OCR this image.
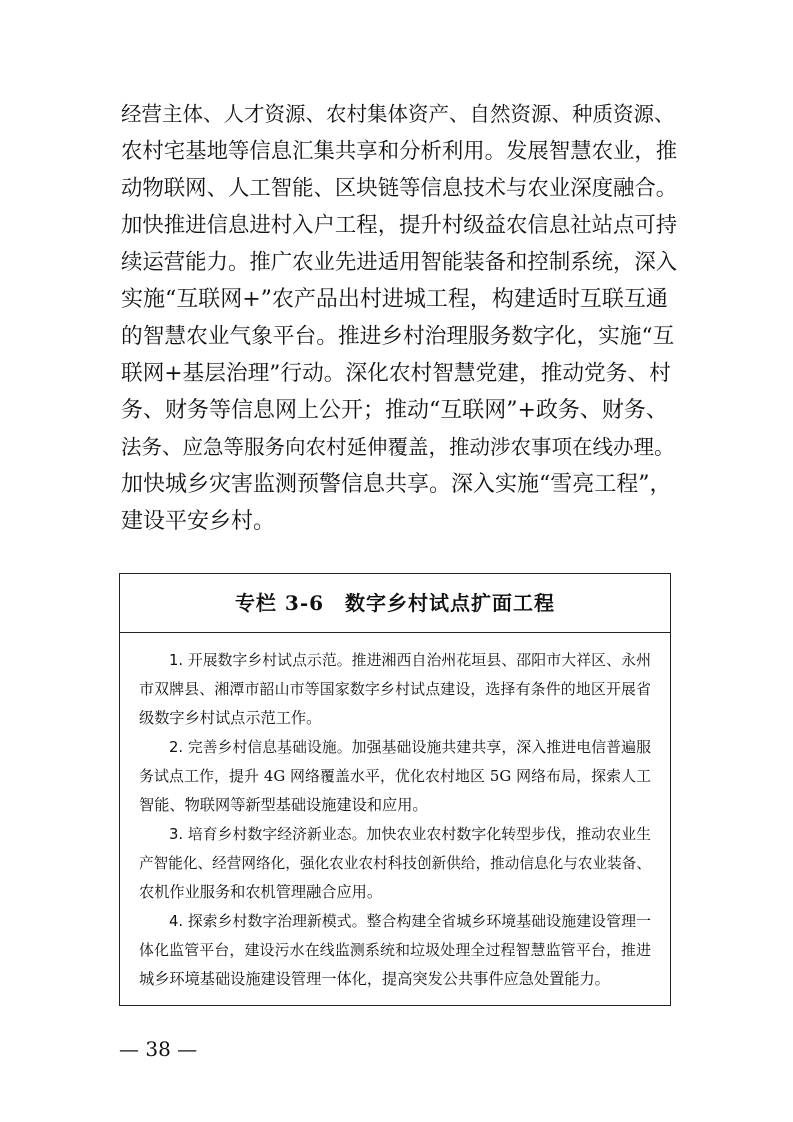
经营主体、人才资源、农村集体资产、自然资源、种质资源、
农村宅基地等信息汇集共享和分析利用。发展智慧农业，推
动物联网、人工智能、区块链等信息技术与农业深度融合。
加快推进信息进村入户工程，提升村级益农信息社站点可持
续运营能力。推广农业先进适用智能装备和控制系统，深入
实施“互联网+”农产品出村进城工程，构建适时互联互通
的智慧农业气象平台。推进乡村治理服务数字化，实施“互
联网+基层治理”行动。深化农村智慧党建，推动党务、村
务、财务等信息网上公开；推动“互联网”+政务、财务、
法务、应急等服务向农村延伸覆盖，推动涉农事项在线办理。
加快城乡灾害监测预警信息共享。深入实施“雪亮工程”，
建设平安乡村。
专栏 3-6　数字乡村试点扩面工程
1. 开展数字乡村试点示范。推进湘西自治州花垣县、邵阳市大祥区、永州
市双牌县、湘潭市韶山市等国家数字乡村试点建设，选择有条件的地区开展省
级数字乡村试点示范工作。
2. 完善乡村信息基础设施。加强基础设施共建共享，深入推进电信普遍服
务试点工作，提升 4G 网络覆盖水平，优化农村地区 5G 网络布局，探索人工
智能、物联网等新型基础设施建设和应用。
3. 培育乡村数字经济新业态。加快农业农村数字化转型步伐，推动农业生
产智能化、经营网络化，强化农业农村科技创新供给，推动信息化与农业装备、
农机作业服务和农机管理融合应用。
4. 探索乡村数字治理新模式。整合构建全省城乡环境基础设施建设管理一
体化监管平台，建设污水在线监测系统和垃圾处理全过程智慧监管平台，推进
城乡环境基础设施建设管理一体化，提高突发公共事件应急处置能力。
— 38 —
